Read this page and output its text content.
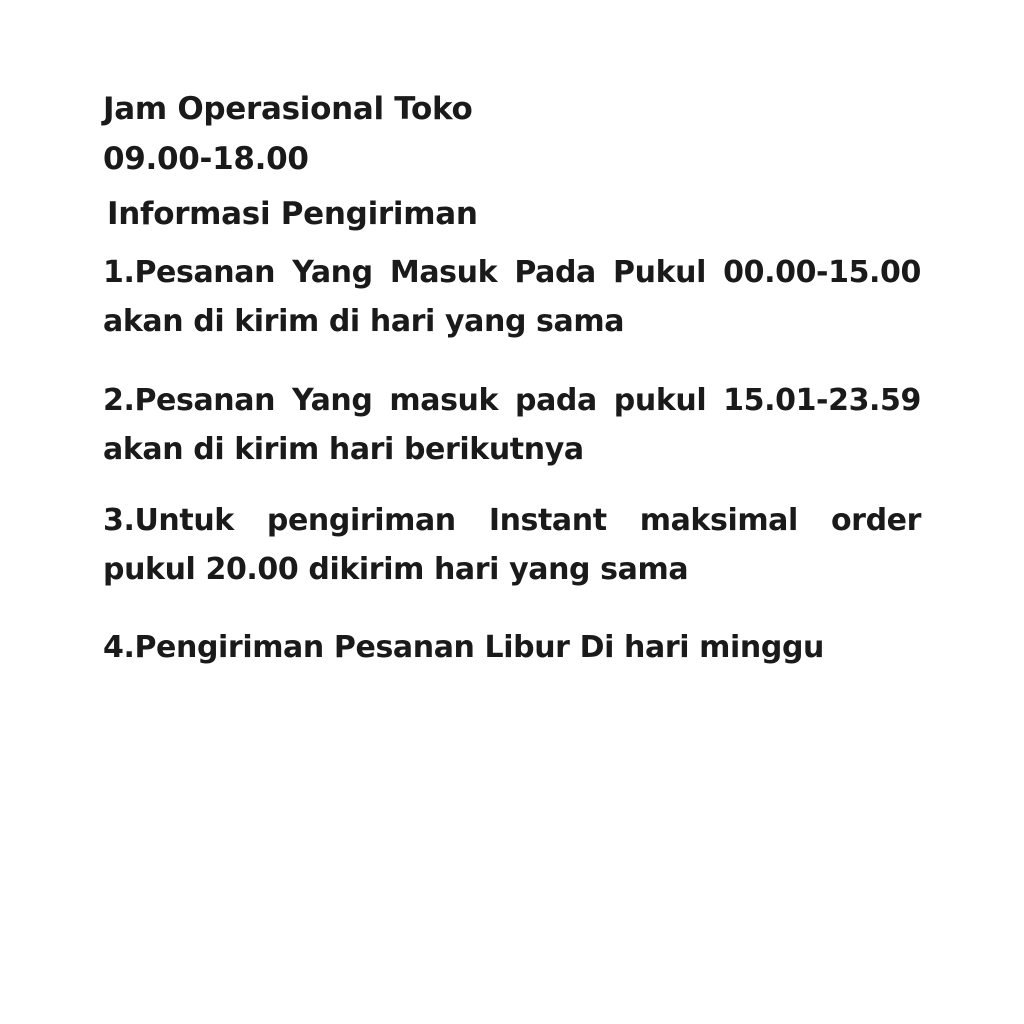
Jam Operasional Toko

09.00-18.00

Informasi Pengiriman

1.Pesanan Yang Masuk Pada Pukul 00.00-15.00 akan di kirim di hari yang sama

2.Pesanan Yang masuk pada pukul 15.01-23.59 akan di kirim hari berikutnya

3.Untuk pengiriman Instant maksimal order pukul 20.00 dikirim hari yang sama

4.Pengiriman Pesanan Libur Di hari minggu
